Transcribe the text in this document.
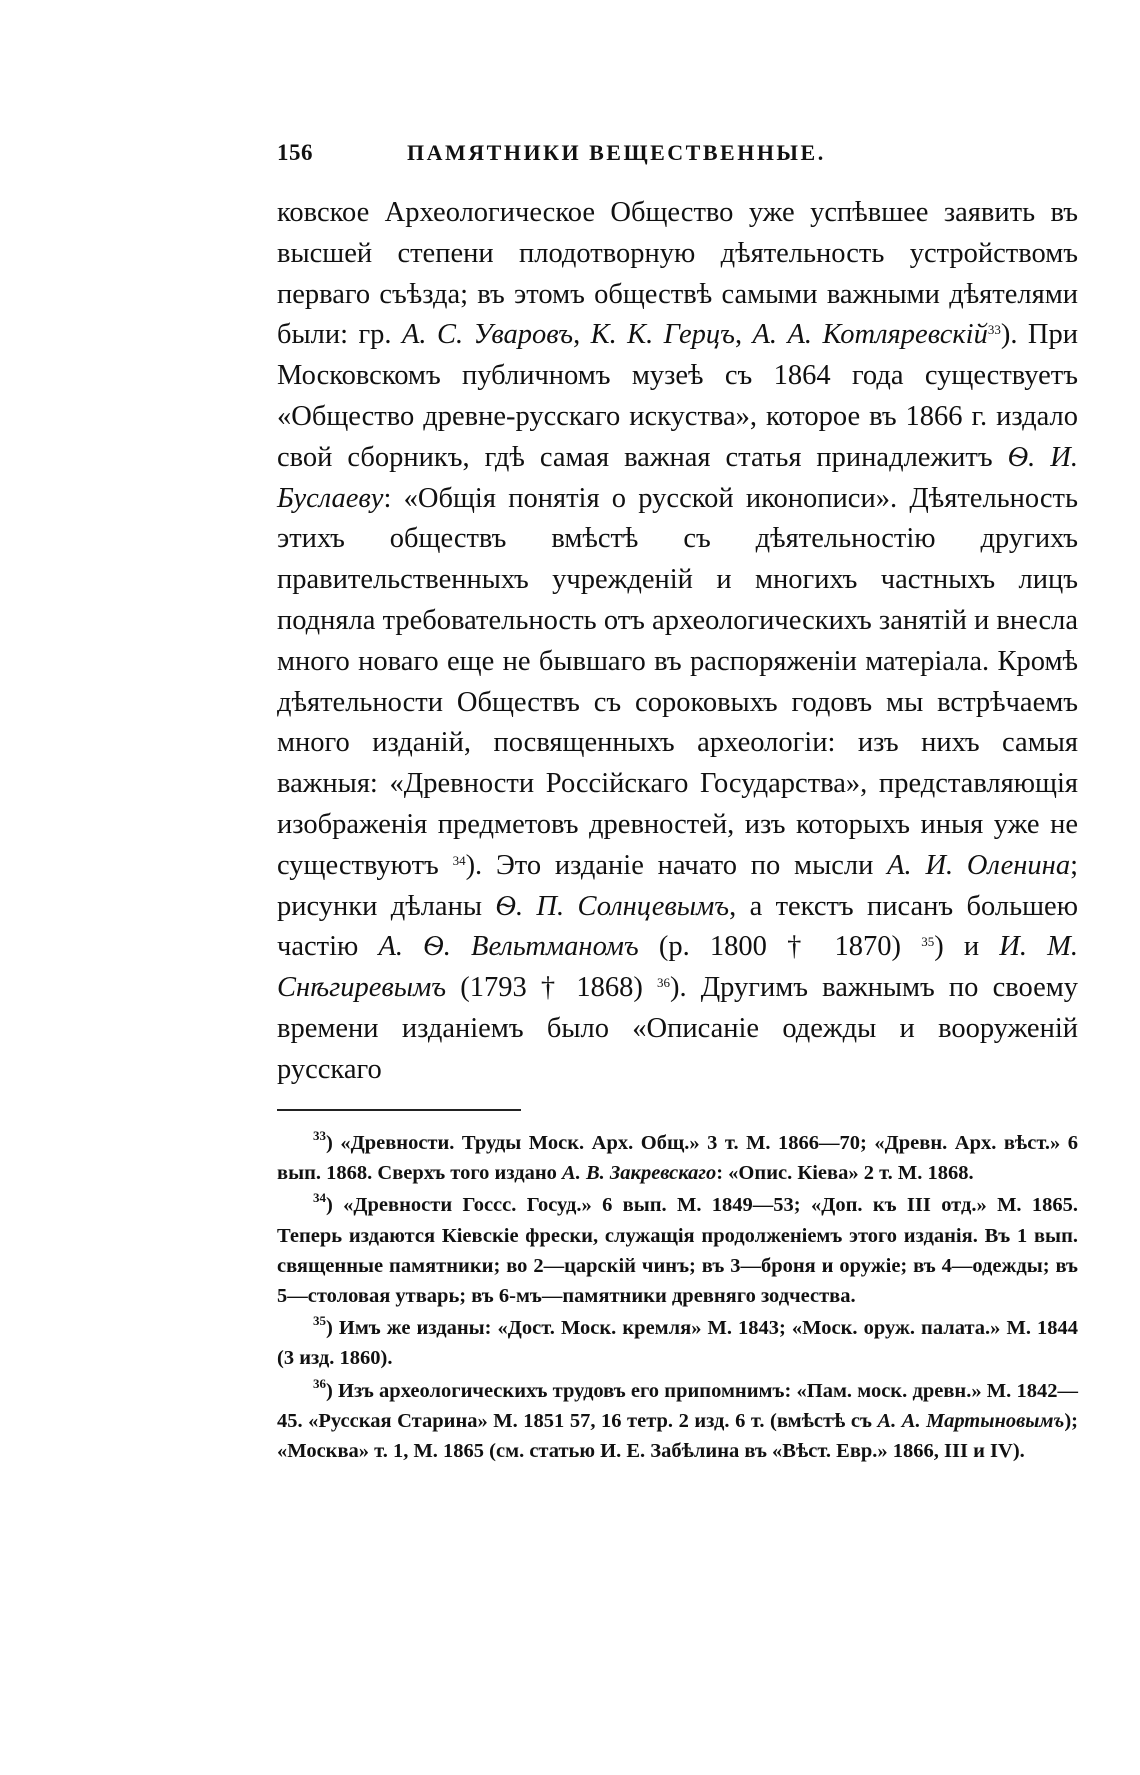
156	ПАМЯТНИКИ ВЕЩЕСТВЕННЫЕ.

ковское Археологическое Общество уже успѣвшее заявить въ высшей степени плодотворную дѣятельность устройствомъ перваго съѣзда; въ этомъ обществѣ самыми важными дѣятелями были: гр. А. С. Уваровъ, К. К. Герцъ, А. А. Котляревскій$^{33}$). При Московскомъ публичномъ музеѣ съ 1864 года существуетъ «Общество древне-русскаго искуства», которое въ 1866 г. издало свой сборникъ, гдѣ самая важная статья принадлежитъ Ѳ. И. Буслаеву: «Общія понятія о русской иконописи». Дѣятельность этихъ обществъ вмѣстѣ съ дѣятельностію другихъ правительственныхъ учрежденій и многихъ частныхъ лицъ подняла требовательность отъ археологическихъ занятій и внесла много новаго еще не бывшаго въ распоряженіи матеріала. Кромѣ дѣятельности Обществъ съ сороковыхъ годовъ мы встрѣчаемъ много изданій, посвященныхъ археологіи: изъ нихъ самыя важныя: «Древности Россійскаго Государства», представляющія изображенія предметовъ древностей, изъ которыхъ иныя уже не существуютъ $^{34}$). Это изданіе начато по мысли А. И. Оленина; рисунки дѣланы Ѳ. П. Солнцевымъ, а текстъ писанъ большею частію А. Ѳ. Вельтманомъ (р. 1800 † 1870) $^{35}$) и И. М. Снѣгиревымъ (1793 † 1868) $^{36}$). Другимъ важнымъ по своему времени изданіемъ было «Описаніе одежды и вооруженій русскаго

$^{33}$) «Древности. Труды Моск. Арх. Общ.» 3 т. М. 1866—70; «Древн. Арх. вѣст.» 6 вып. 1868. Сверхъ того издано А. В. Закревскаго: «Опис. Кіева» 2 т. М. 1868.

$^{34}$) «Древности Госсс. Госуд.» 6 вып. М. 1849—53; «Доп. къ III отд.» М. 1865. Теперь издаются Кіевскіе фрески, служащія продолженіемъ этого изданія. Въ 1 вып. священные памятники; во 2—царскій чинъ; въ 3—броня и оружіе; въ 4—одежды; въ 5—столовая утварь; въ 6-мъ—памятники древняго зодчества.

$^{35}$) Имъ же изданы: «Дост. Моск. кремля» М. 1843; «Моск. оруж. палата.» М. 1844 (3 изд. 1860).

$^{36}$) Изъ археологическихъ трудовъ его припомнимъ: «Пам. моск. древн.» М. 1842—45. «Русская Старина» М. 1851 57, 16 тетр. 2 изд. 6 т. (вмѣстѣ съ А. А. Мартыновымъ); «Москва» т. 1, М. 1865 (см. статью И. Е. Забѣлина въ «Вѣст. Евр.» 1866, III и IV).
